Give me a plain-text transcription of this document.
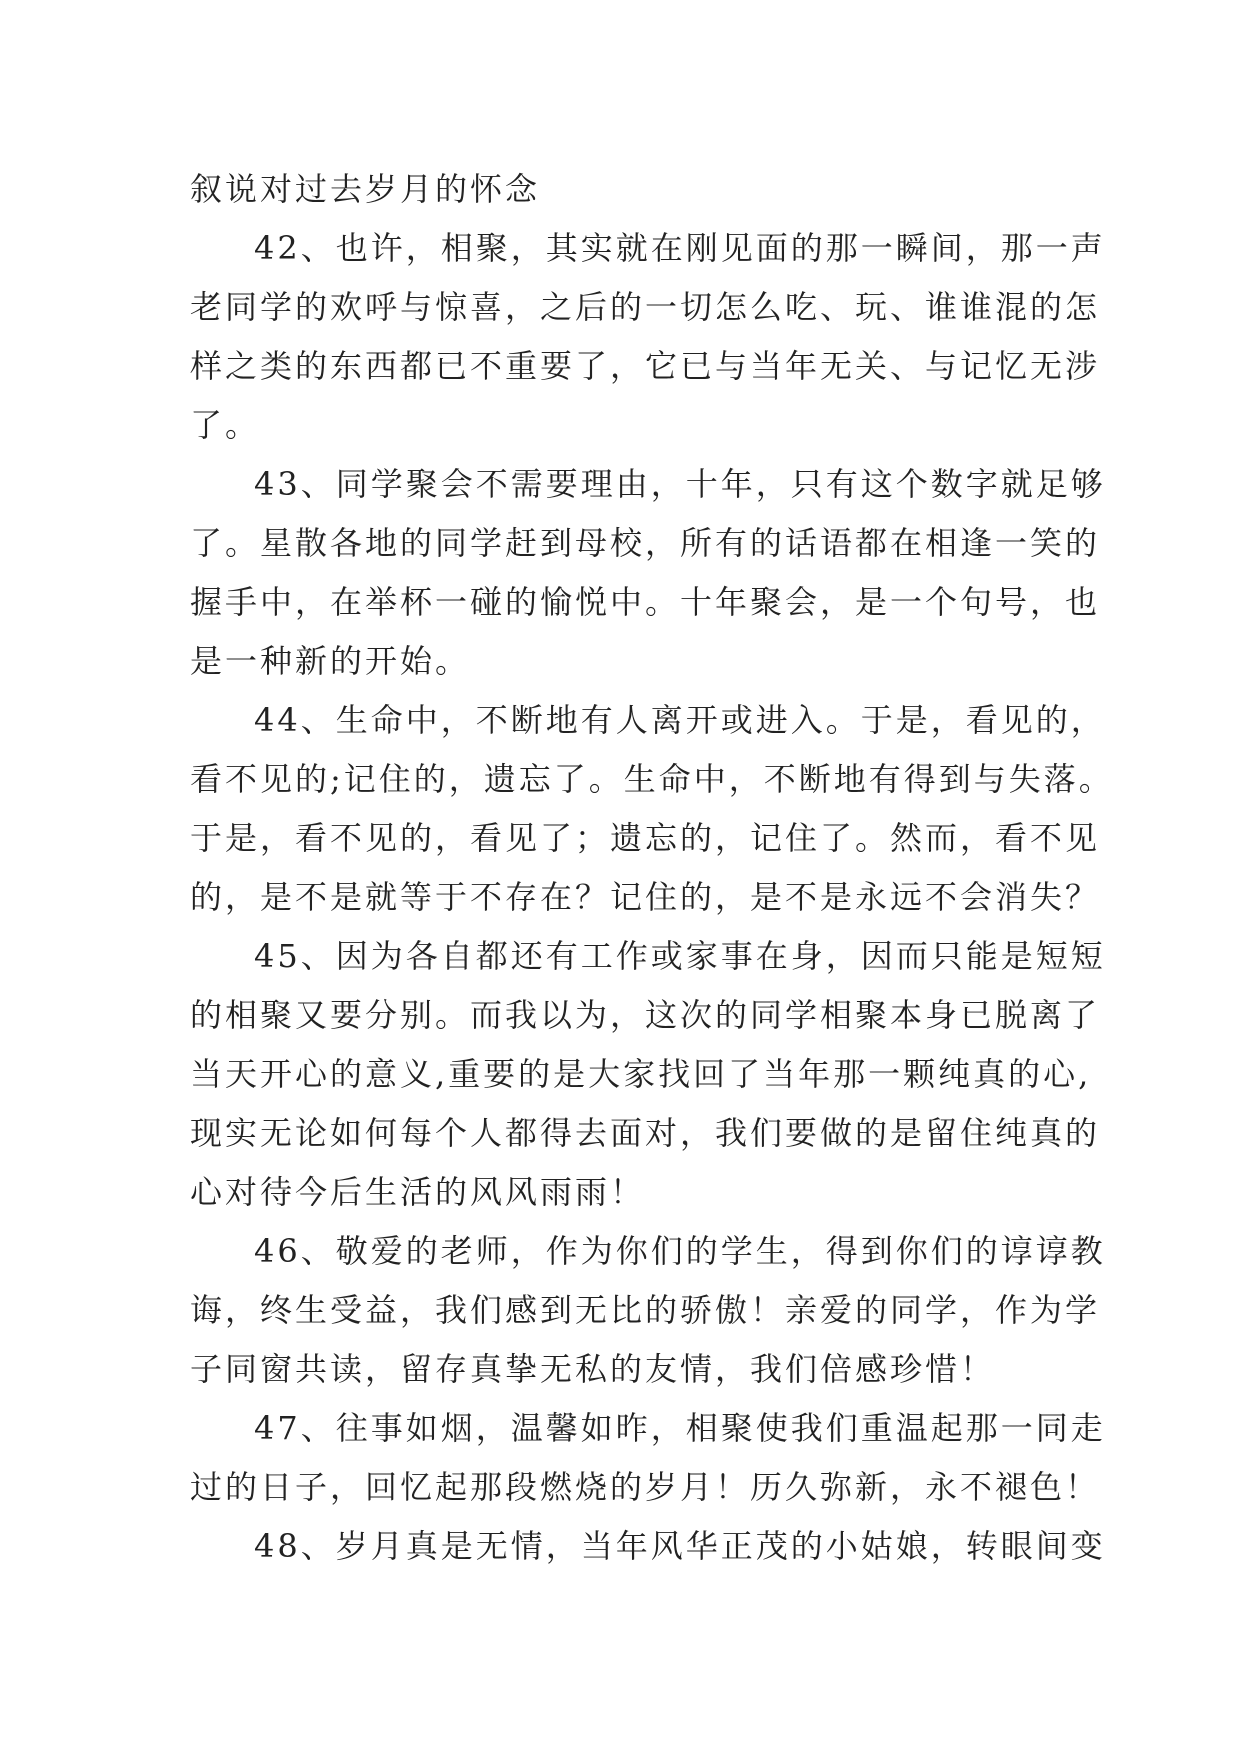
叙说对过去岁月的怀念
42、也许，相聚，其实就在刚见面的那一瞬间，那一声
老同学的欢呼与惊喜，之后的一切怎么吃、玩、谁谁混的怎
样之类的东西都已不重要了，它已与当年无关、与记忆无涉
了。
43、同学聚会不需要理由，十年，只有这个数字就足够
了。星散各地的同学赶到母校，所有的话语都在相逢一笑的
握手中，在举杯一碰的愉悦中。十年聚会，是一个句号，也
是一种新的开始。
44、生命中，不断地有人离开或进入。于是，看见的，
看不见的;记住的，遗忘了。生命中，不断地有得到与失落。
于是，看不见的，看见了；遗忘的，记住了。然而，看不见
的，是不是就等于不存在？记住的，是不是永远不会消失？
45、因为各自都还有工作或家事在身，因而只能是短短
的相聚又要分别。而我以为，这次的同学相聚本身已脱离了
当天开心的意义,重要的是大家找回了当年那一颗纯真的心,
现实无论如何每个人都得去面对，我们要做的是留住纯真的
心对待今后生活的风风雨雨！
46、敬爱的老师，作为你们的学生，得到你们的谆谆教
诲，终生受益，我们感到无比的骄傲！亲爱的同学，作为学
子同窗共读，留存真挚无私的友情，我们倍感珍惜！
47、往事如烟，温馨如昨，相聚使我们重温起那一同走
过的日子，回忆起那段燃烧的岁月！历久弥新，永不褪色！
48、岁月真是无情，当年风华正茂的小姑娘，转眼间变
